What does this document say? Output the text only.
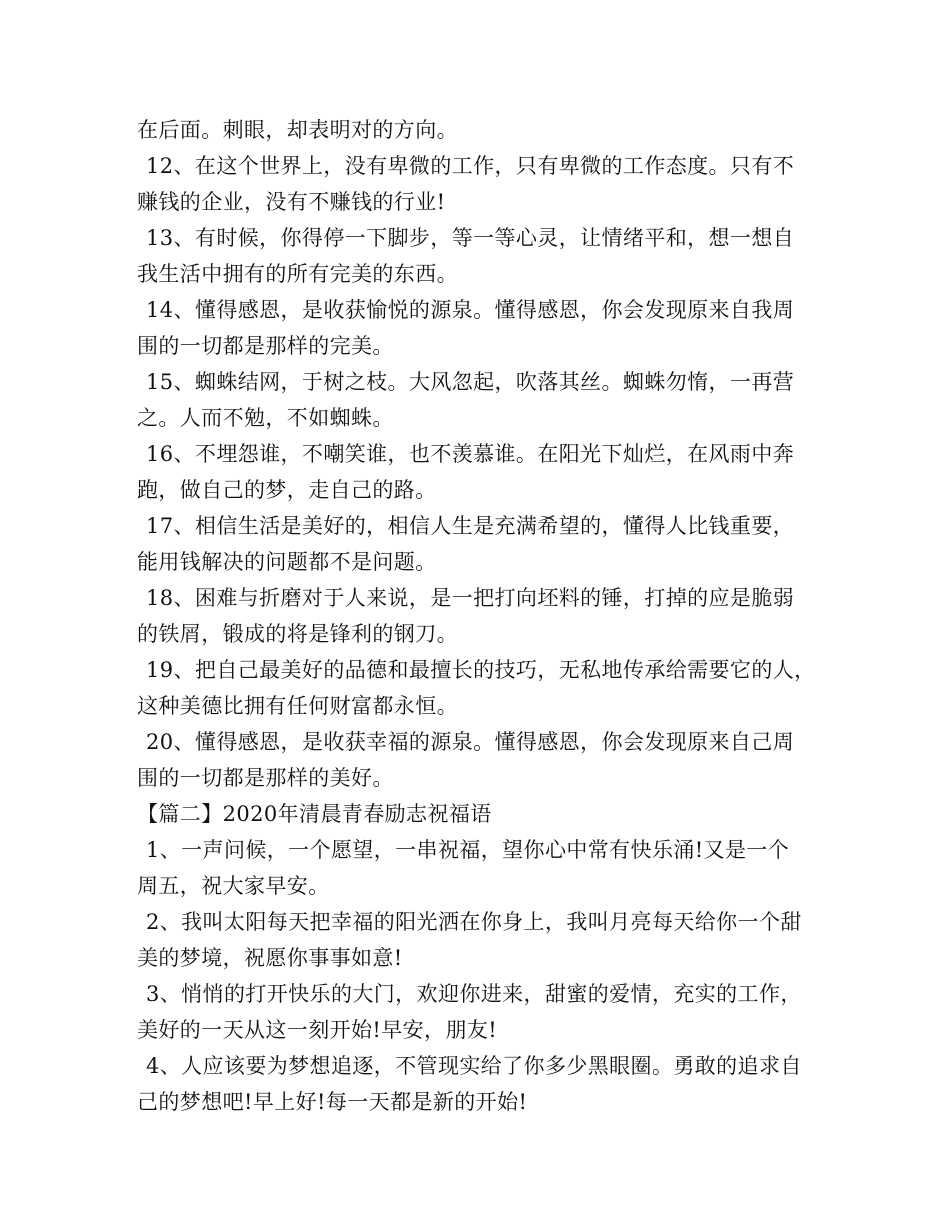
在后面。刺眼，却表明对的方向。
12、在这个世界上，没有卑微的工作，只有卑微的工作态度。只有不
赚钱的企业，没有不赚钱的行业!
13、有时候，你得停一下脚步，等一等心灵，让情绪平和，想一想自
我生活中拥有的所有完美的东西。
14、懂得感恩，是收获愉悦的源泉。懂得感恩，你会发现原来自我周
围的一切都是那样的完美。
15、蜘蛛结网，于树之枝。大风忽起，吹落其丝。蜘蛛勿惰，一再营
之。人而不勉，不如蜘蛛。
16、不埋怨谁，不嘲笑谁，也不羡慕谁。在阳光下灿烂，在风雨中奔
跑，做自己的梦，走自己的路。
17、相信生活是美好的，相信人生是充满希望的，懂得人比钱重要，
能用钱解决的问题都不是问题。
18、困难与折磨对于人来说，是一把打向坯料的锤，打掉的应是脆弱
的铁屑，锻成的将是锋利的钢刀。
19、把自己最美好的品德和最擅长的技巧，无私地传承给需要它的人，
这种美德比拥有任何财富都永恒。
20、懂得感恩，是收获幸福的源泉。懂得感恩，你会发现原来自己周
围的一切都是那样的美好。
【篇二】2020年清晨青春励志祝福语
1、一声问候，一个愿望，一串祝福，望你心中常有快乐涌!又是一个
周五，祝大家早安。
2、我叫太阳每天把幸福的阳光洒在你身上，我叫月亮每天给你一个甜
美的梦境，祝愿你事事如意!
3、悄悄的打开快乐的大门，欢迎你进来，甜蜜的爱情，充实的工作，
美好的一天从这一刻开始!早安，朋友!
4、人应该要为梦想追逐，不管现实给了你多少黑眼圈。勇敢的追求自
己的梦想吧!早上好!每一天都是新的开始!
